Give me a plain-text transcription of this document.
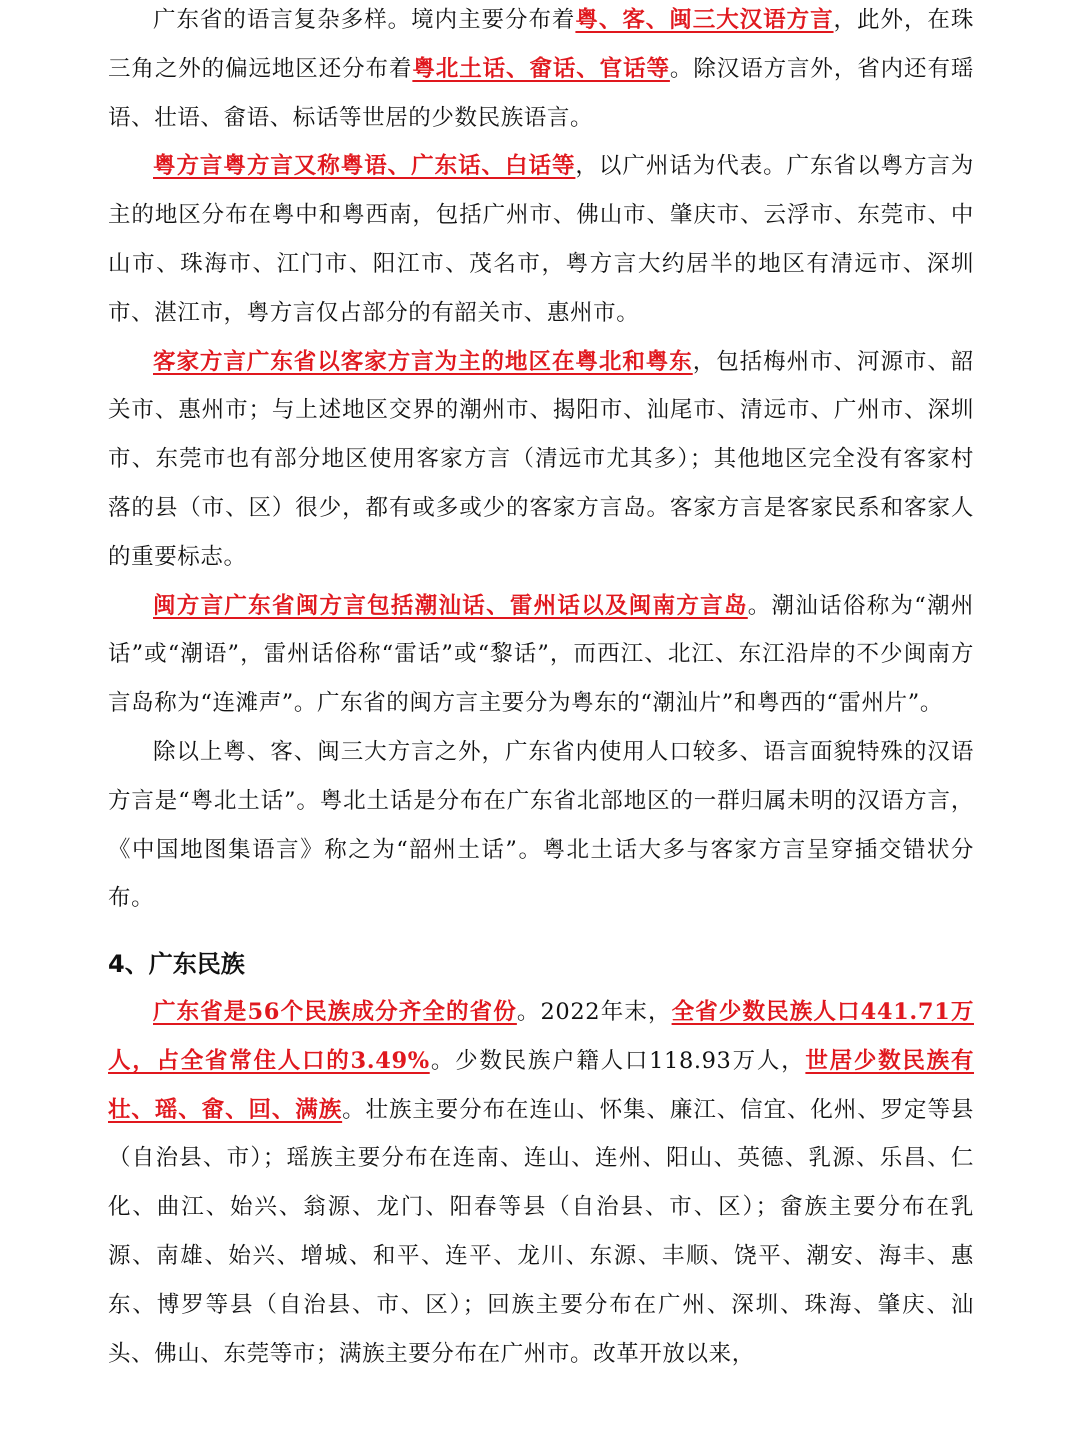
广东省的语言复杂多样。境内主要分布着粤、客、闽三大汉语方言，此外，在珠三角之外的偏远地区还分布着粤北土话、畲话、官话等。除汉语方言外，省内还有瑶语、壮语、畲语、标话等世居的少数民族语言。

粤方言粤方言又称粤语、广东话、白话等，以广州话为代表。广东省以粤方言为主的地区分布在粤中和粤西南，包括广州市、佛山市、肇庆市、云浮市、东莞市、中山市、珠海市、江门市、阳江市、茂名市，粤方言大约居半的地区有清远市、深圳市、湛江市，粤方言仅占部分的有韶关市、惠州市。

客家方言广东省以客家方言为主的地区在粤北和粤东，包括梅州市、河源市、韶关市、惠州市；与上述地区交界的潮州市、揭阳市、汕尾市、清远市、广州市、深圳市、东莞市也有部分地区使用客家方言（清远市尤其多）；其他地区完全没有客家村落的县（市、区）很少，都有或多或少的客家方言岛。客家方言是客家民系和客家人的重要标志。

闽方言广东省闽方言包括潮汕话、雷州话以及闽南方言岛。潮汕话俗称为“潮州话”或“潮语”，雷州话俗称“雷话”或“黎话”，而西江、北江、东江沿岸的不少闽南方言岛称为“连滩声”。广东省的闽方言主要分为粤东的“潮汕片”和粤西的“雷州片”。

除以上粤、客、闽三大方言之外，广东省内使用人口较多、语言面貌特殊的汉语方言是“粤北土话”。粤北土话是分布在广东省北部地区的一群归属未明的汉语方言，《中国地图集语言》称之为“韶州土话”。粤北土话大多与客家方言呈穿插交错状分布。

4、广东民族

广东省是56个民族成分齐全的省份。2022年末，全省少数民族人口441.71万人，占全省常住人口的3.49%。少数民族户籍人口118.93万人，世居少数民族有壮、瑶、畲、回、满族。壮族主要分布在连山、怀集、廉江、信宜、化州、罗定等县（自治县、市）；瑶族主要分布在连南、连山、连州、阳山、英德、乳源、乐昌、仁化、曲江、始兴、翁源、龙门、阳春等县（自治县、市、区）；畲族主要分布在乳源、南雄、始兴、增城、和平、连平、龙川、东源、丰顺、饶平、潮安、海丰、惠东、博罗等县（自治县、市、区）；回族主要分布在广州、深圳、珠海、肇庆、汕头、佛山、东莞等市；满族主要分布在广州市。改革开放以来，
